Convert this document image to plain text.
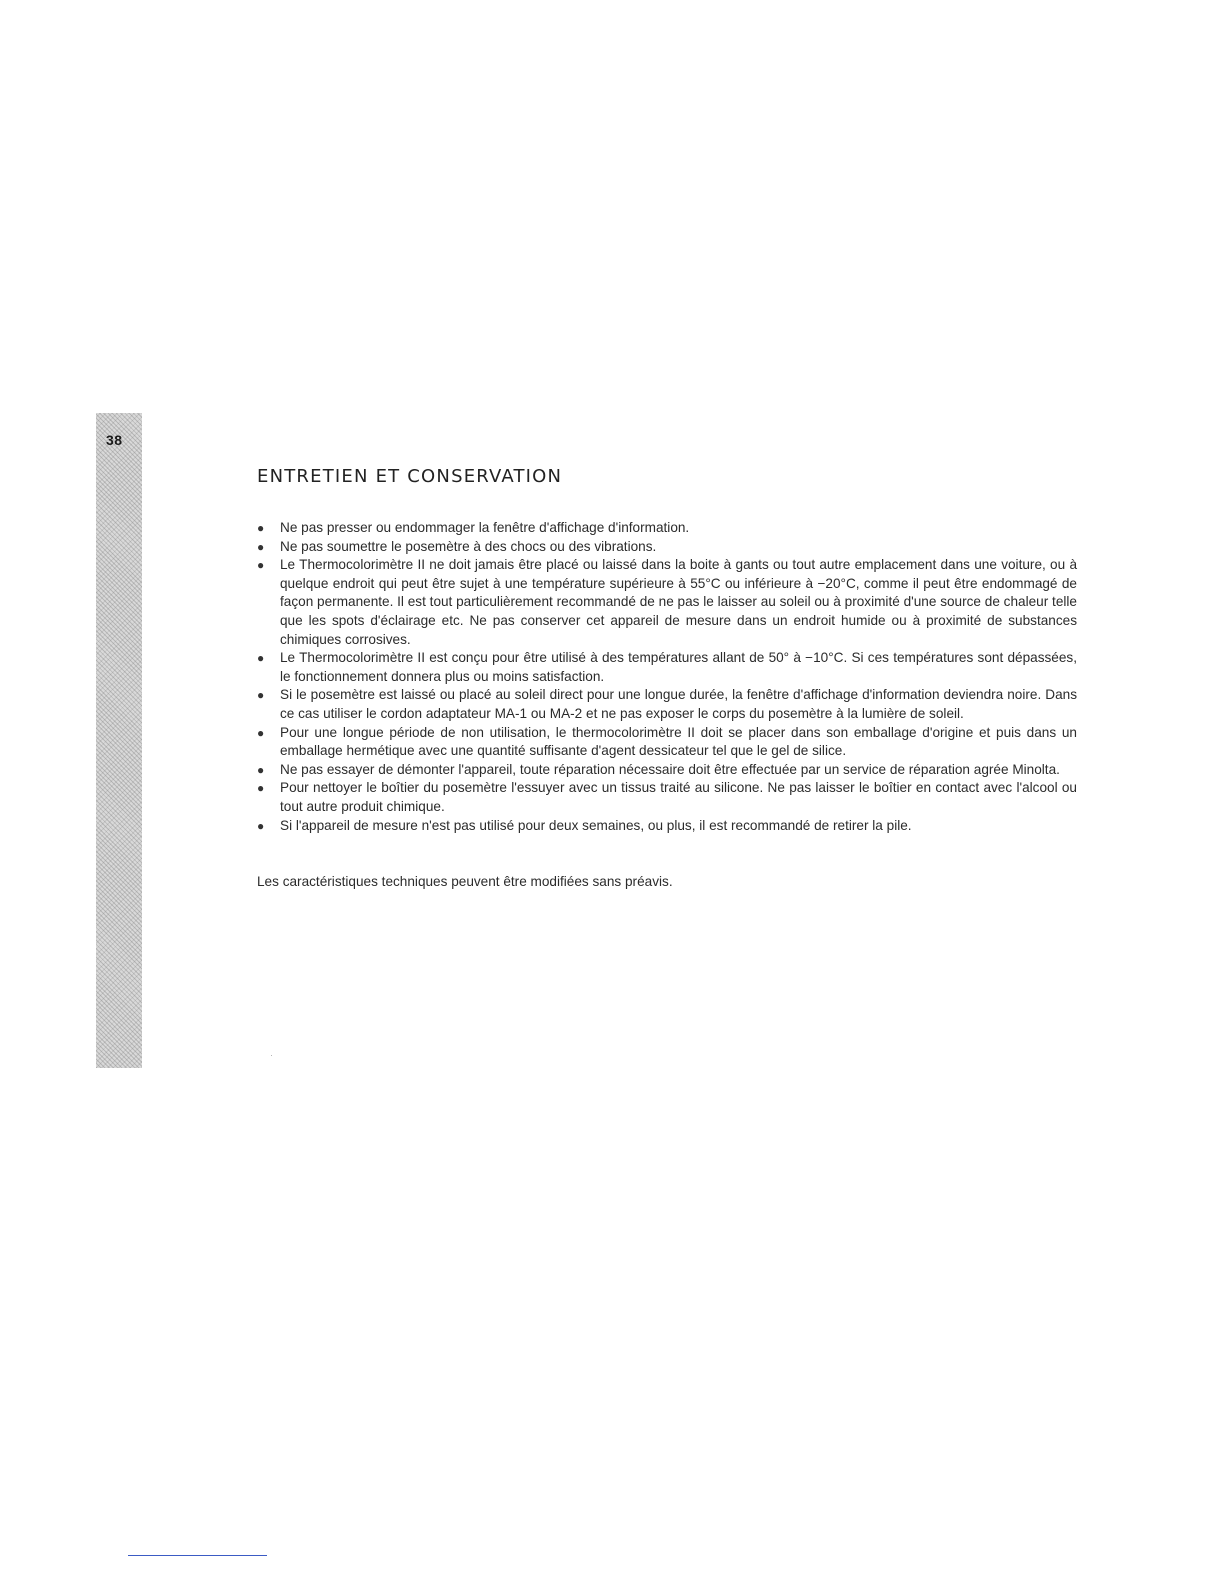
38
ENTRETIEN ET CONSERVATION
● Ne pas presser ou endommager la fenêtre d'affichage d'information.
● Ne pas soumettre le posemètre à des chocs ou des vibrations.
● Le Thermocolorimètre II ne doit jamais être placé ou laissé dans la boite à gants ou tout autre emplacement dans une voiture, ou à quelque endroit qui peut être sujet à une température supérieure à 55°C ou inférieure à −20°C, comme il peut être endommagé de façon permanente. Il est tout particulièrement recommandé de ne pas le laisser au soleil ou à proximité d'une source de chaleur telle que les spots d'éclairage etc. Ne pas conserver cet appareil de mesure dans un endroit humide ou à proximité de substances chimiques corrosives.
● Le Thermocolorimètre II est conçu pour être utilisé à des températures allant de 50° à −10°C. Si ces températures sont dépassées, le fonctionnement donnera plus ou moins satisfaction.
● Si le posemètre est laissé ou placé au soleil direct pour une longue durée, la fenêtre d'affichage d'information deviendra noire. Dans ce cas utiliser le cordon adaptateur MA-1 ou MA-2 et ne pas exposer le corps du posemètre à la lumière de soleil.
● Pour une longue période de non utilisation, le thermocolorimètre II doit se placer dans son emballage d'origine et puis dans un emballage hermétique avec une quantité suffisante d'agent dessicateur tel que le gel de silice.
● Ne pas essayer de démonter l'appareil, toute réparation nécessaire doit être effectuée par un service de réparation agrée Minolta.
● Pour nettoyer le boîtier du posemètre l'essuyer avec un tissus traité au silicone. Ne pas laisser le boîtier en contact avec l'alcool ou tout autre produit chimique.
● Si l'appareil de mesure n'est pas utilisé pour deux semaines, ou plus, il est recommandé de retirer la pile.

Les caractéristiques techniques peuvent être modifiées sans préavis.

·
